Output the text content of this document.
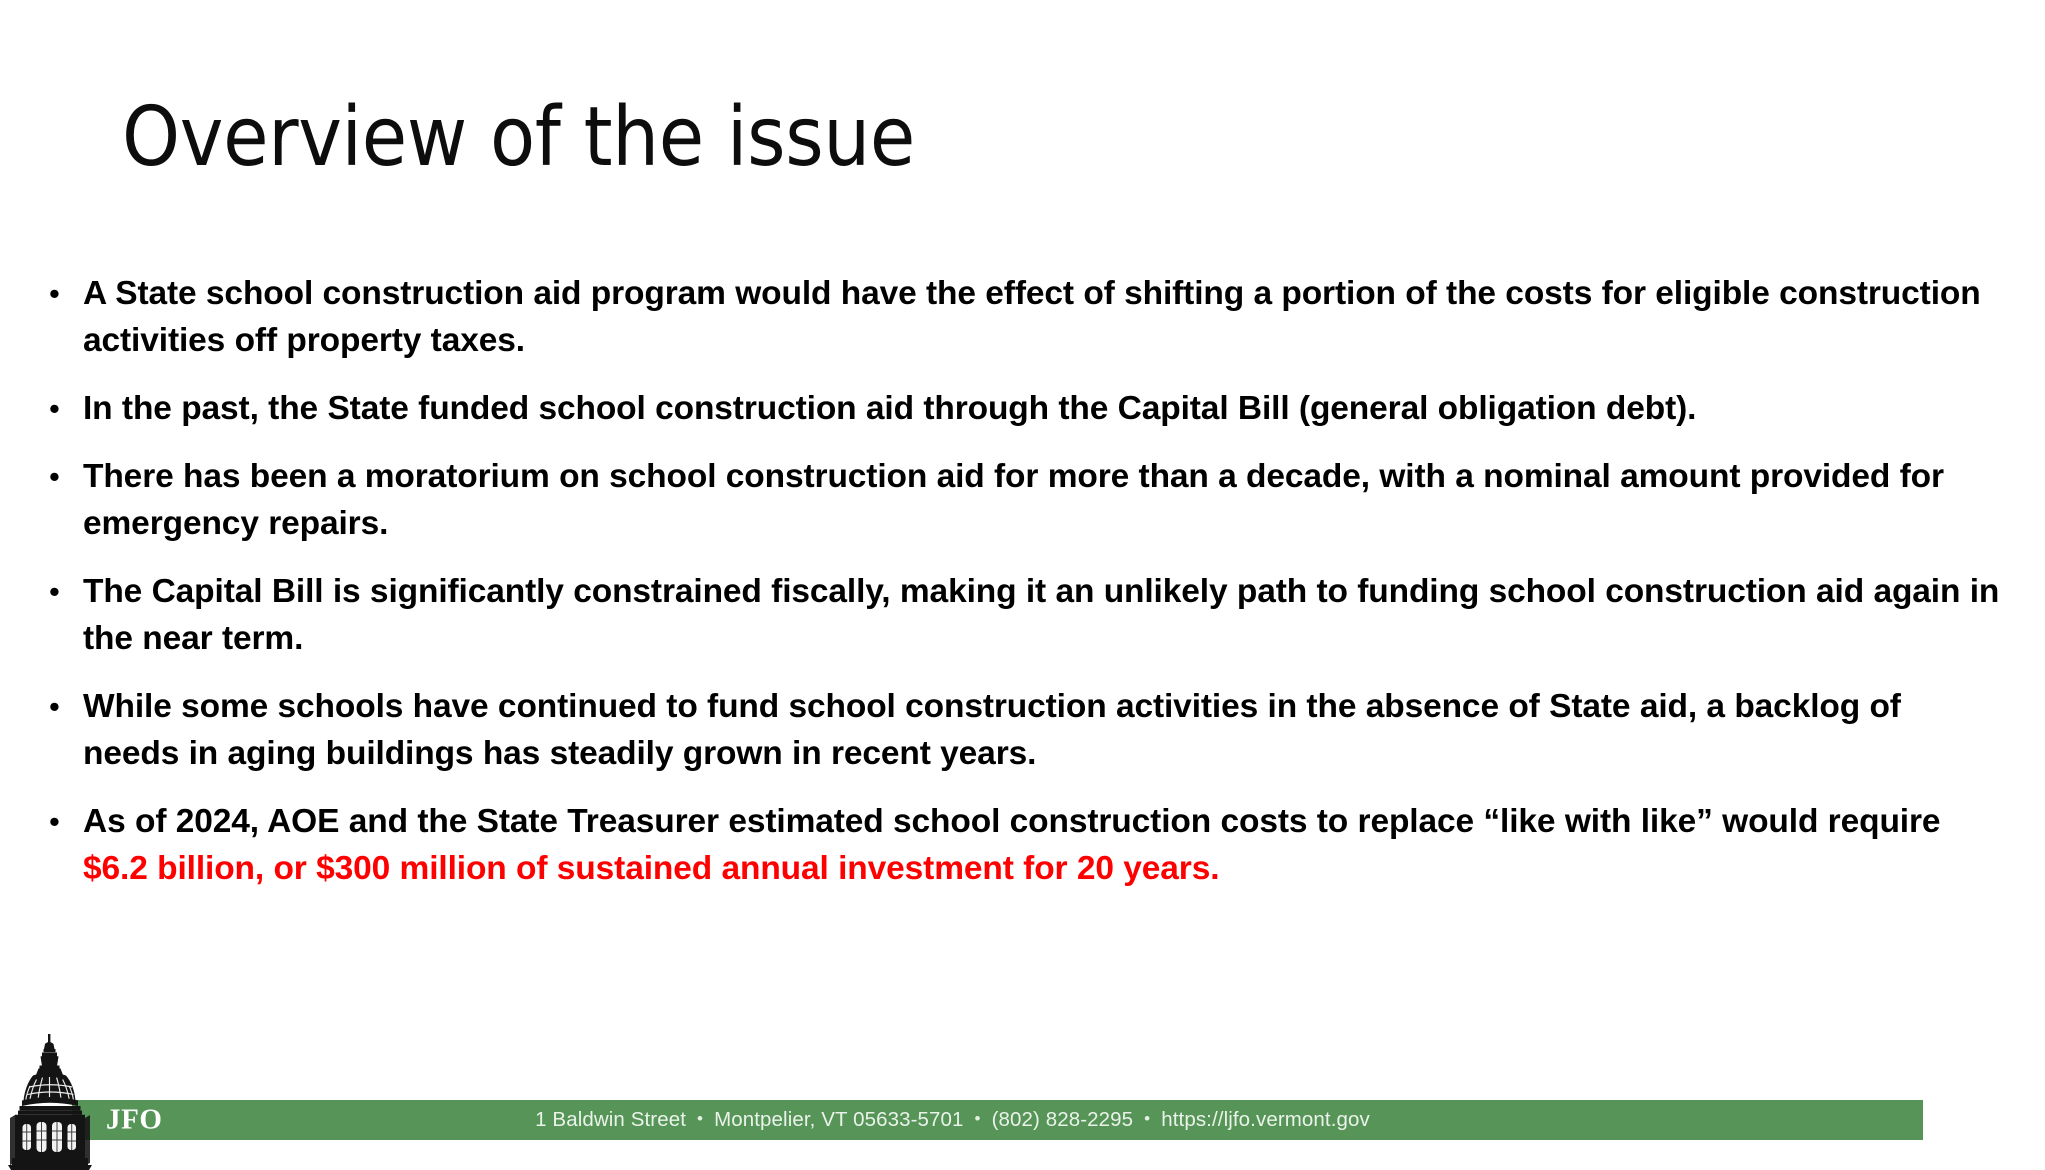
Overview of the issue
• A State school construction aid program would have the effect of shifting a portion of the costs for eligible construction activities off property taxes.
• In the past, the State funded school construction aid through the Capital Bill (general obligation debt).
• There has been a moratorium on school construction aid for more than a decade, with a nominal amount provided for emergency repairs.
• The Capital Bill is significantly constrained fiscally, making it an unlikely path to funding school construction aid again in the near term.
• While some schools have continued to fund school construction activities in the absence of State aid, a backlog of needs in aging buildings has steadily grown in recent years.
• As of 2024, AOE and the State Treasurer estimated school construction costs to replace “like with like” would require $6.2 billion, or $300 million of sustained annual investment for 20 years.
JFO	1 Baldwin Street • Montpelier, VT 05633-5701 • (802) 828-2295 • https://ljfo.vermont.gov
